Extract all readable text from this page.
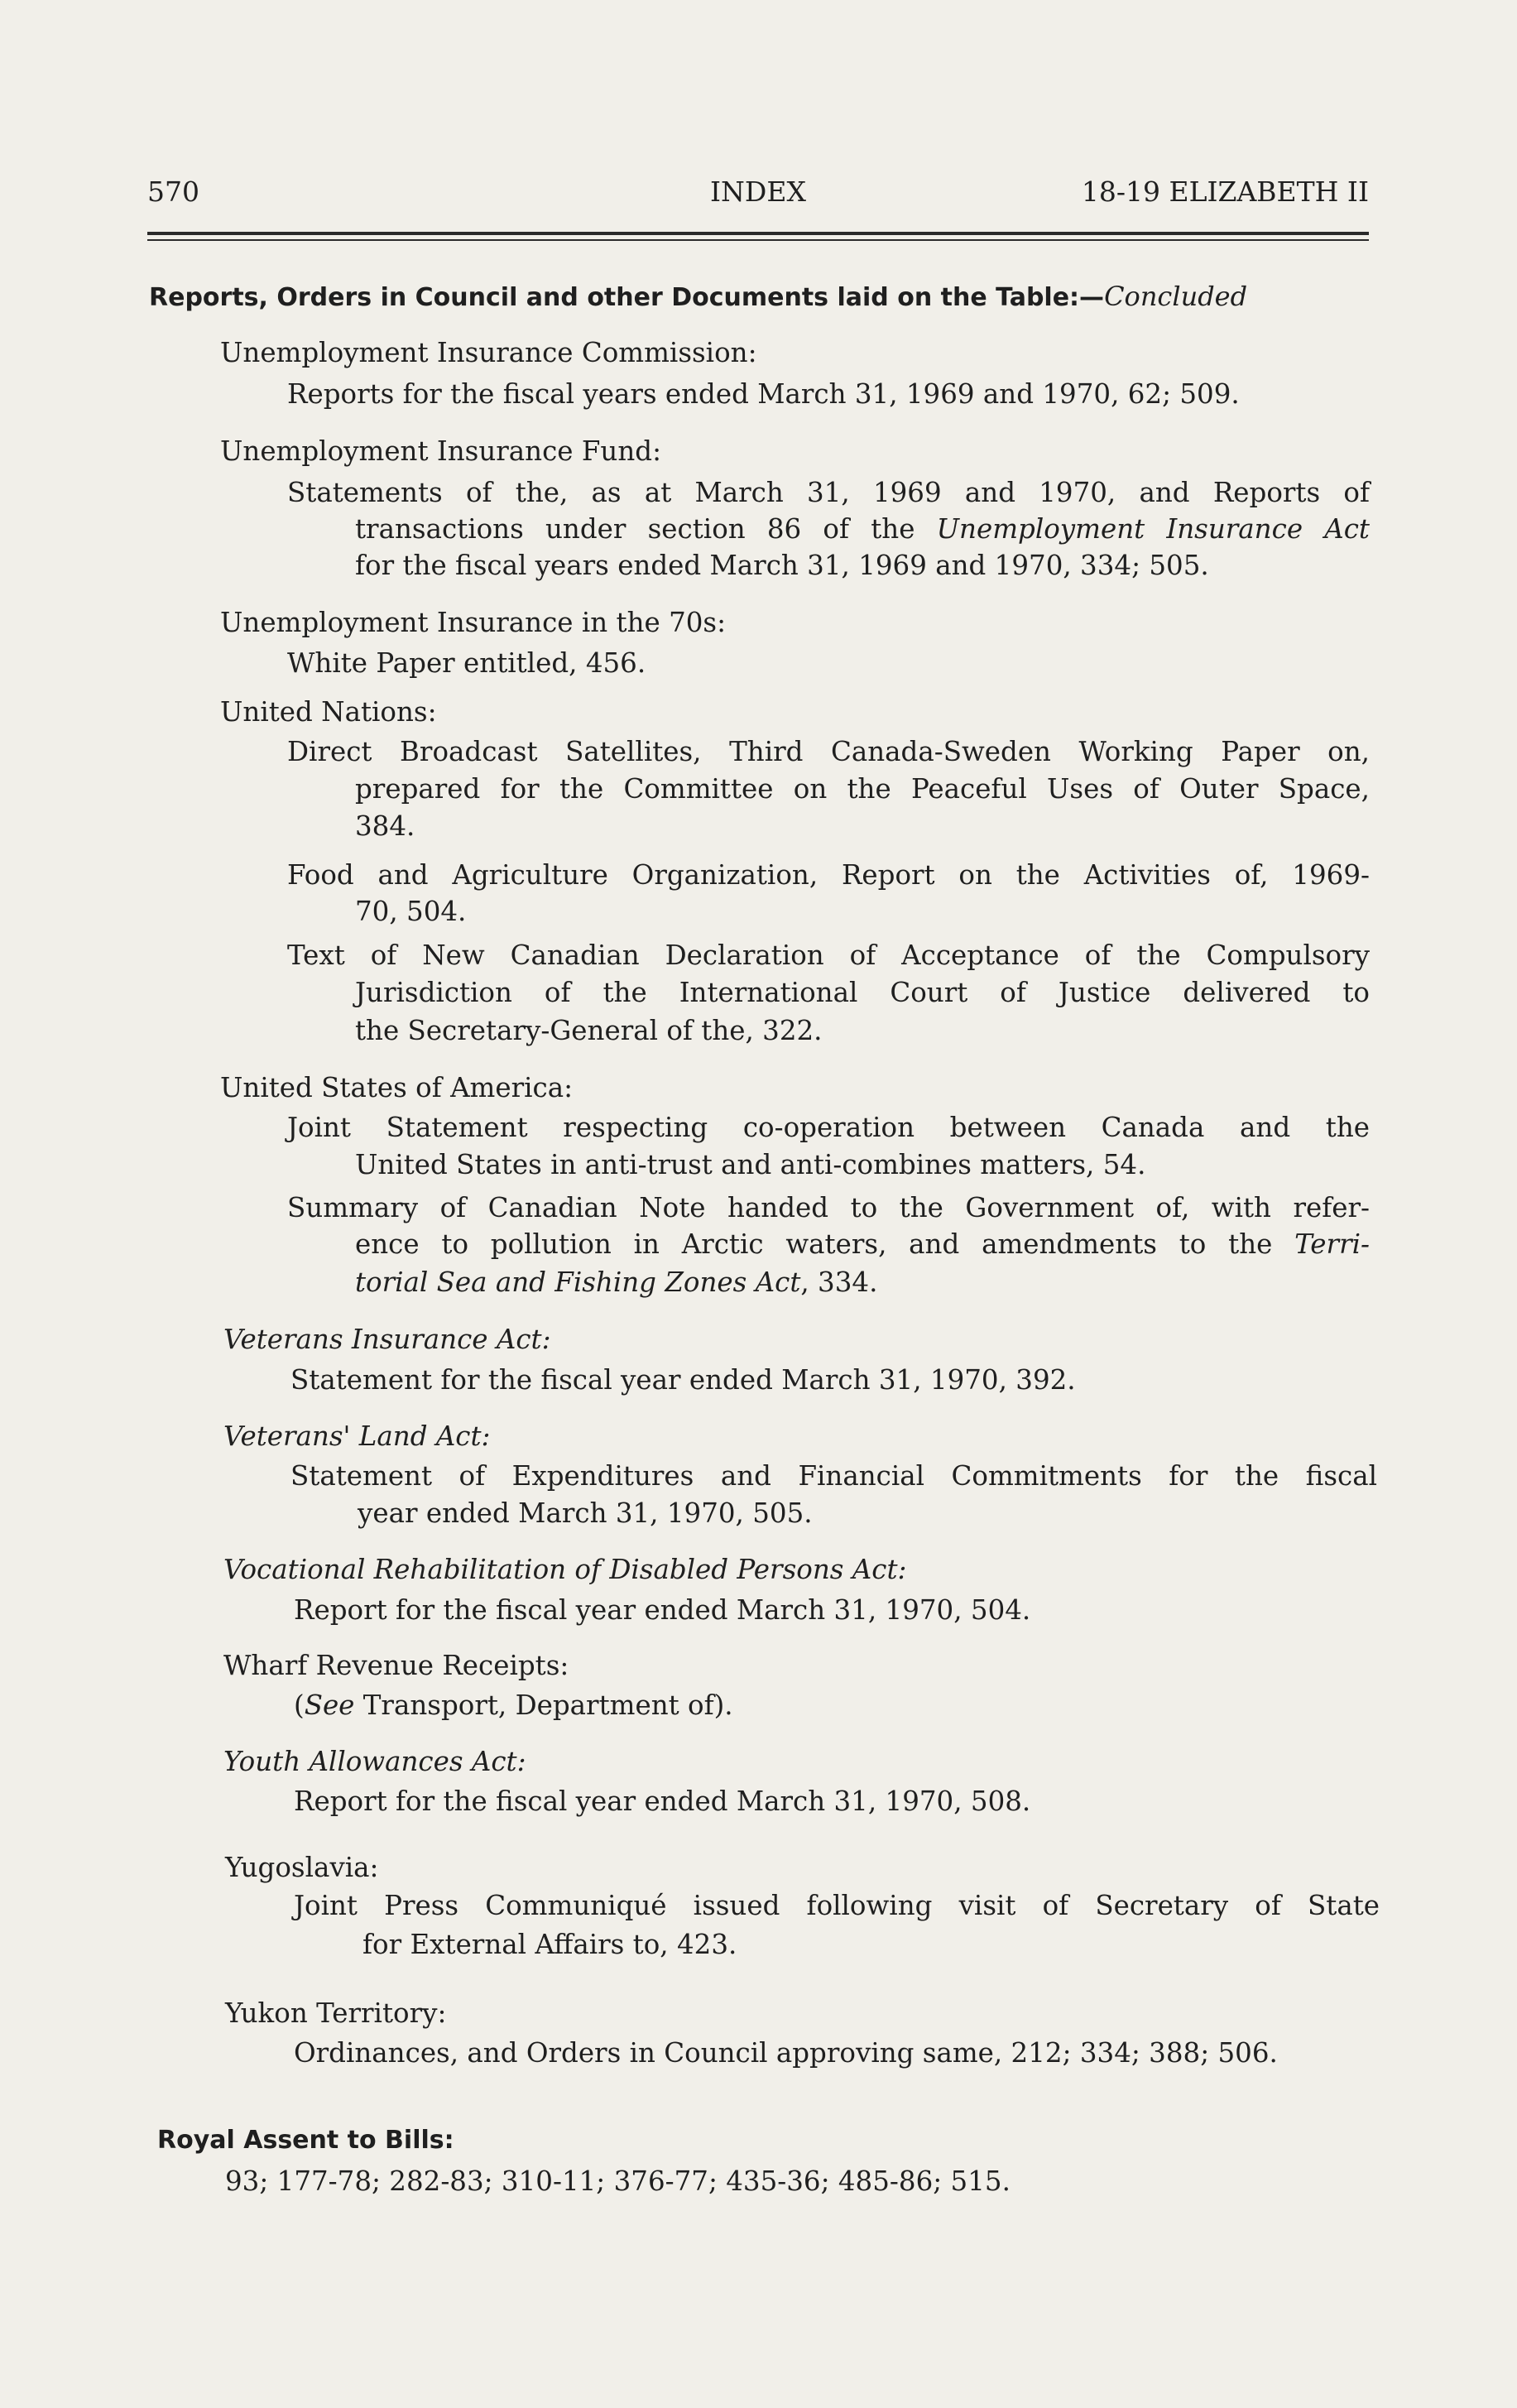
570	INDEX	18-19 ELIZABETH II
Reports, Orders in Council and other Documents laid on the Table:—Concluded
Unemployment Insurance Commission:
Reports for the fiscal years ended March 31, 1969 and 1970, 62; 509.
Unemployment Insurance Fund:
Statements of the, as at March 31, 1969 and 1970, and Reports of
transactions under section 86 of the Unemployment Insurance Act
for the fiscal years ended March 31, 1969 and 1970, 334; 505.
Unemployment Insurance in the 70s:
White Paper entitled, 456.
United Nations:
Direct Broadcast Satellites, Third Canada-Sweden Working Paper on,
prepared for the Committee on the Peaceful Uses of Outer Space,
384.
Food and Agriculture Organization, Report on the Activities of, 1969-
70, 504.
Text of New Canadian Declaration of Acceptance of the Compulsory
Jurisdiction of the International Court of Justice delivered to
the Secretary-General of the, 322.
United States of America:
Joint Statement respecting co-operation between Canada and the
United States in anti-trust and anti-combines matters, 54.
Summary of Canadian Note handed to the Government of, with refer-
ence to pollution in Arctic waters, and amendments to the Terri-
torial Sea and Fishing Zones Act, 334.
Veterans Insurance Act:
Statement for the fiscal year ended March 31, 1970, 392.
Veterans' Land Act:
Statement of Expenditures and Financial Commitments for the fiscal
year ended March 31, 1970, 505.
Vocational Rehabilitation of Disabled Persons Act:
Report for the fiscal year ended March 31, 1970, 504.
Wharf Revenue Receipts:
(See Transport, Department of).
Youth Allowances Act:
Report for the fiscal year ended March 31, 1970, 508.
Yugoslavia:
Joint Press Communiqué issued following visit of Secretary of State
for External Affairs to, 423.
Yukon Territory:
Ordinances, and Orders in Council approving same, 212; 334; 388; 506.
Royal Assent to Bills:
93; 177-78; 282-83; 310-11; 376-77; 435-36; 485-86; 515.
